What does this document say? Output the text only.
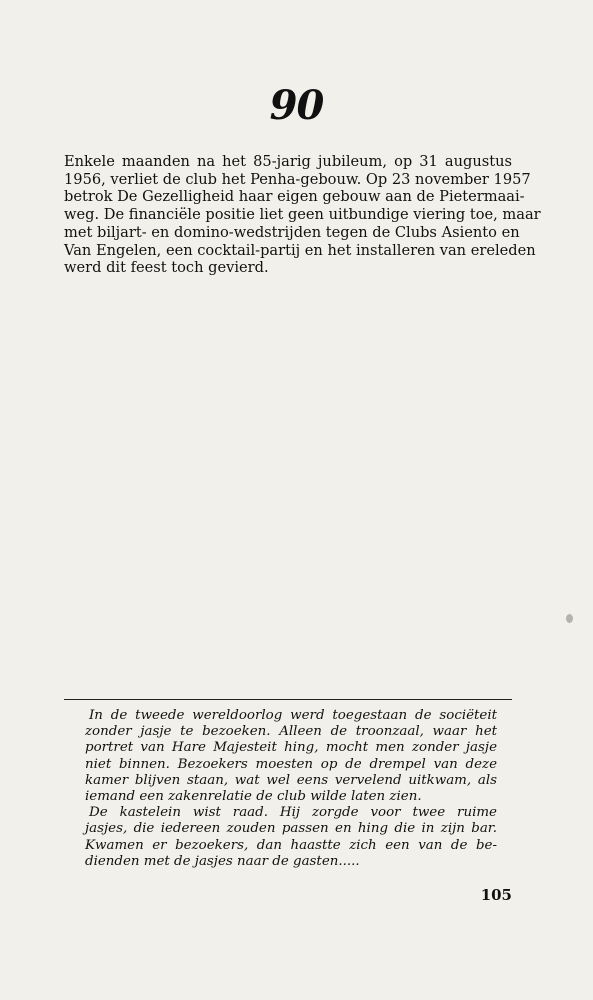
90
Enkele maanden na het 85-jarig jubileum, op 31 augustus
1956, verliet de club het Penha-gebouw. Op 23 november 1957
betrok De Gezelligheid haar eigen gebouw aan de Pietermaai-
weg. De financiële positie liet geen uitbundige viering toe, maar
met biljart- en domino-wedstrijden tegen de Clubs Asiento en
Van Engelen, een cocktail-partij en het installeren van ereleden
werd dit feest toch gevierd.

In de tweede wereldoorlog werd toegestaan de sociëteit
zonder jasje te bezoeken. Alleen de troonzaal, waar het
portret van Hare Majesteit hing, mocht men zonder jasje
niet binnen. Bezoekers moesten op de drempel van deze
kamer blijven staan, wat wel eens vervelend uitkwam, als
iemand een zakenrelatie de club wilde laten zien.

De kastelein wist raad. Hij zorgde voor twee ruime
jasjes, die iedereen zouden passen en hing die in zijn bar.
Kwamen er bezoekers, dan haastte zich een van de be-
dienden met de jasjes naar de gasten.....

105
